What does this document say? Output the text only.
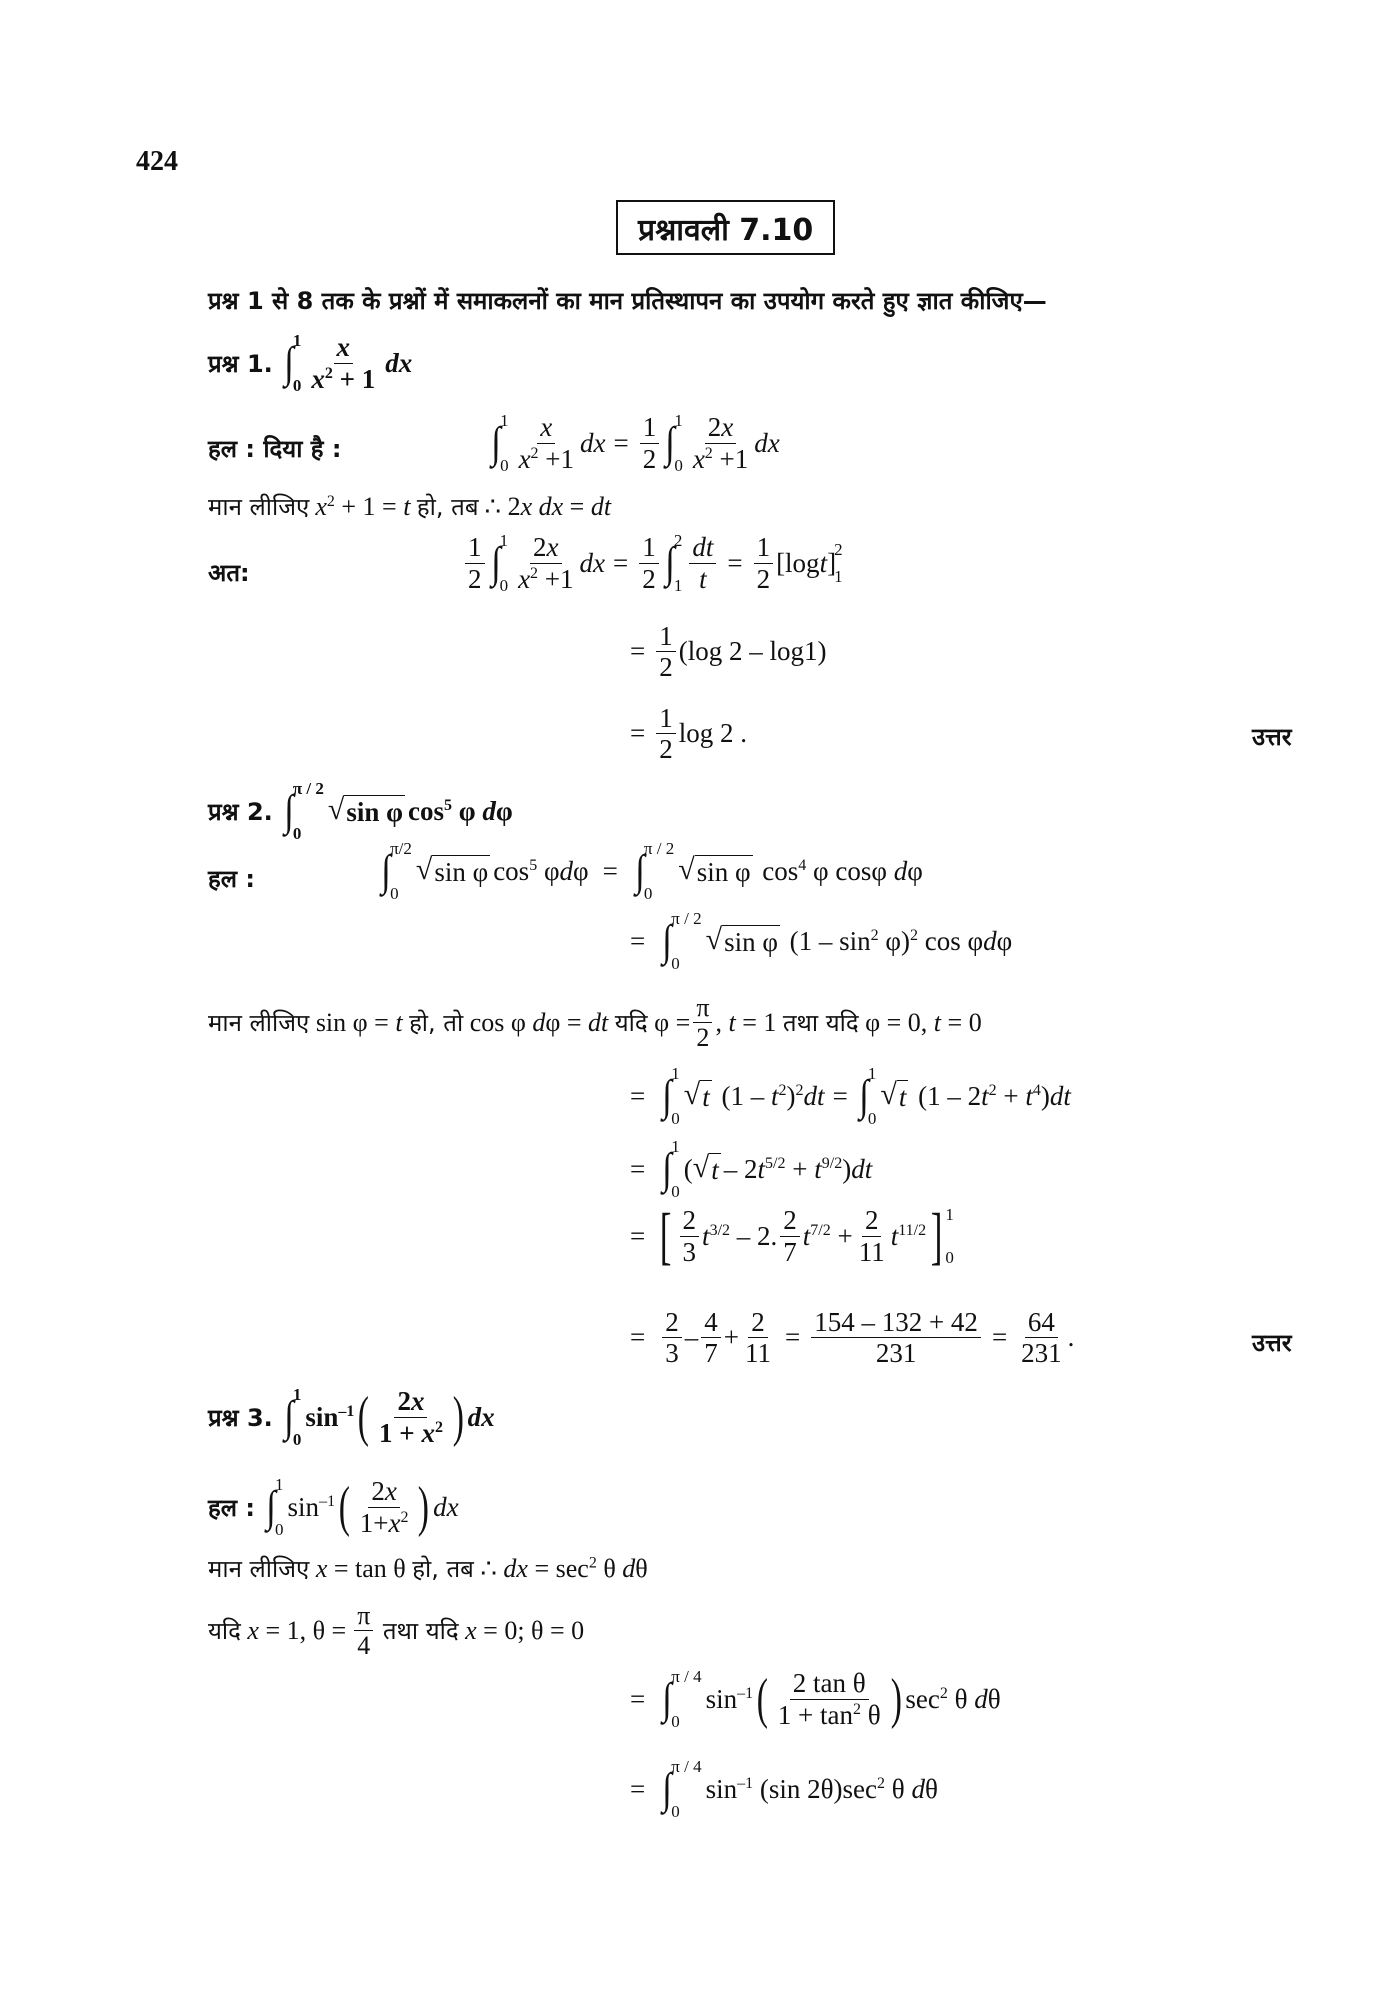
424
प्रश्नावली 7.10
प्रश्न 1 से 8 तक के प्रश्नों में समाकलनों का मान प्रतिस्थापन का उपयोग करते हुए ज्ञात कीजिए—
प्रश्न 1. ∫ 1
$0 \frac{x}{x^2 + 1}$ dx
हल : दिया है :	∫ 1
$0 \frac{x}{x^2 +1}$ dx = $\frac{1}{2}$ ∫ 1
$0 \frac{2x}{x^2 +1}$ dx
मान लीजिए $x^2 + 1 = t$ हो, तब ∴ 2x dx = dt
अत:	$\frac{1}{2}$ ∫ 1
$0 \frac{2x}{x^2 +1}$ dx = $\frac{1}{2}$ ∫ 2
$1 \frac{dt}{t} = \frac{1}{2} [\log t]$
2
1
= $\frac{1}{2} (\log$ 2 – log1)
= $\frac{1}{2}$ log 2 .	उत्तर
प्रश्न 2. ∫ π / 2
0
√ sin φ $\cos^5 \varphi$ dφ
हल :	∫ π/2
0
√ sin φ $\cos^5 \varphi d\varphi$ = ∫ π / 2
0
√ sin φ $\cos^4 \varphi$ cosφ dφ
= ∫ π / 2
0
√ sin φ $(1 - \sin^2 \varphi)^2$ cos φdφ
मान लीजिए
sin φ = t
हो, तो
cos φ dφ = dt
यदि
$\varphi = \frac{\pi}{2}$ , t = 1
तथा यदि
φ = 0, t = 0
= ∫ 1
0
√ t $(1 - t^2)^2dt$ = ∫ 1
0
√ t $(1 - 2t^2 + t^4)dt$
= ∫ 1
0
( √ $t - 2t^{5/2} + t^{9/2})dt$
= [ $\frac{2}{3} t^{3/2} - 2$. $\frac{2}{7} t^{7/2} + \frac{2}{11} t^{11/2}$ ] 1
0
= $\frac{2}{3} - \frac{4}{7} + \frac{2}{11} = \frac{154 - 132 + 42}{231} = \frac{64}{231}$ .	उत्तर
प्रश्न 3. ∫ 1
0
$\sin^{-1}$ ( $\frac{2x}{1 + x^2}$ ) dx
हल : ∫ 1
0
$\sin^{-1}$ ( $\frac{2x}{1+x^2}$ ) dx
मान लीजिए
x = tan θ
हो, तब
∴ dx = $\sec^2 \theta$ dθ
यदि
x = 1, $\theta = \frac{\pi}{4}$
तथा यदि
x = 0; θ = 0
= ∫ π / 4
0
$\sin^{-1}$ ( $\frac{\text{2 tan θ}}{1 + \tan^2 \theta}$ ) $\sec^2 \theta$ dθ
= ∫ π / 4
0
$\sin^{-1} (\sin$ $2\theta)\sec^2$ θ dθ
